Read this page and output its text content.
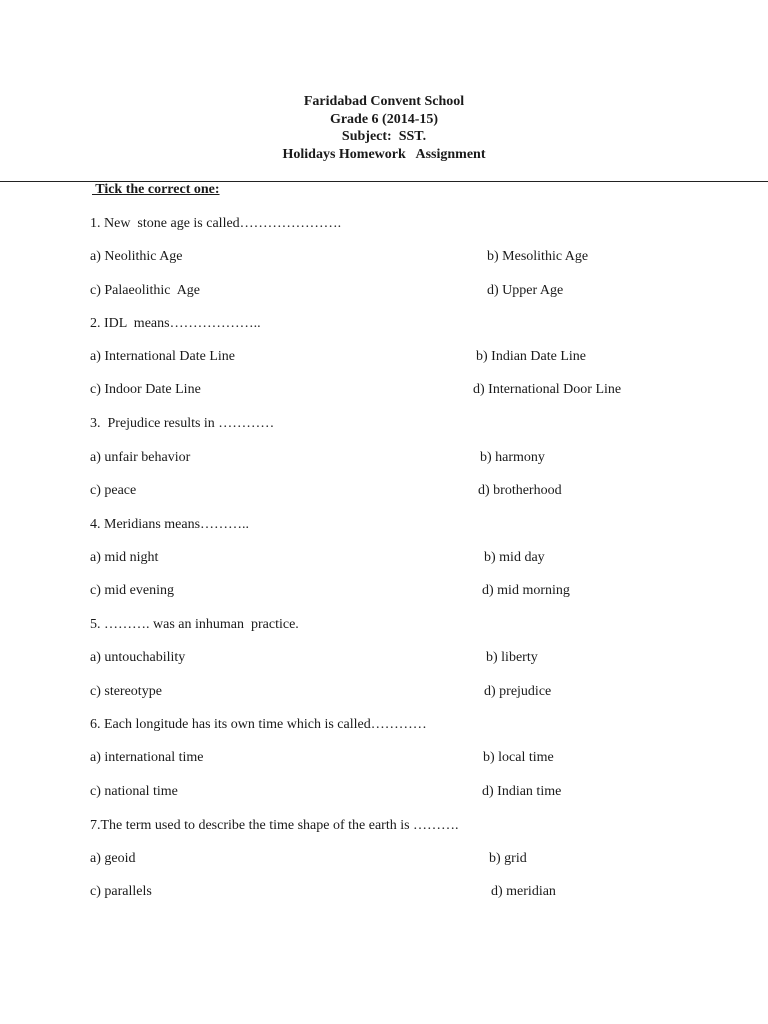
Faridabad Convent School
Grade 6 (2014-15)
Subject:  SST.
Holidays Homework   Assignment
Tick the correct one:
1. New  stone age is called………………….
a) Neolithic Age	b) Mesolithic Age
c) Palaeolithic  Age	d) Upper Age
2. IDL  means………………..
a) International Date Line	b) Indian Date Line
c) Indoor Date Line	d) International Door Line
3.  Prejudice results in …………
a) unfair behavior	b) harmony
c) peace	d) brotherhood
4. Meridians means………..
a) mid night	b) mid day
c) mid evening	d) mid morning
5. ………. was an inhuman  practice.
a) untouchability	b) liberty
c) stereotype	d) prejudice
6. Each longitude has its own time which is called…………
a) international time	b) local time
c) national time	d) Indian time
7.The term used to describe the time shape of the earth is ……….
a) geoid	b) grid
c) parallels	d) meridian
